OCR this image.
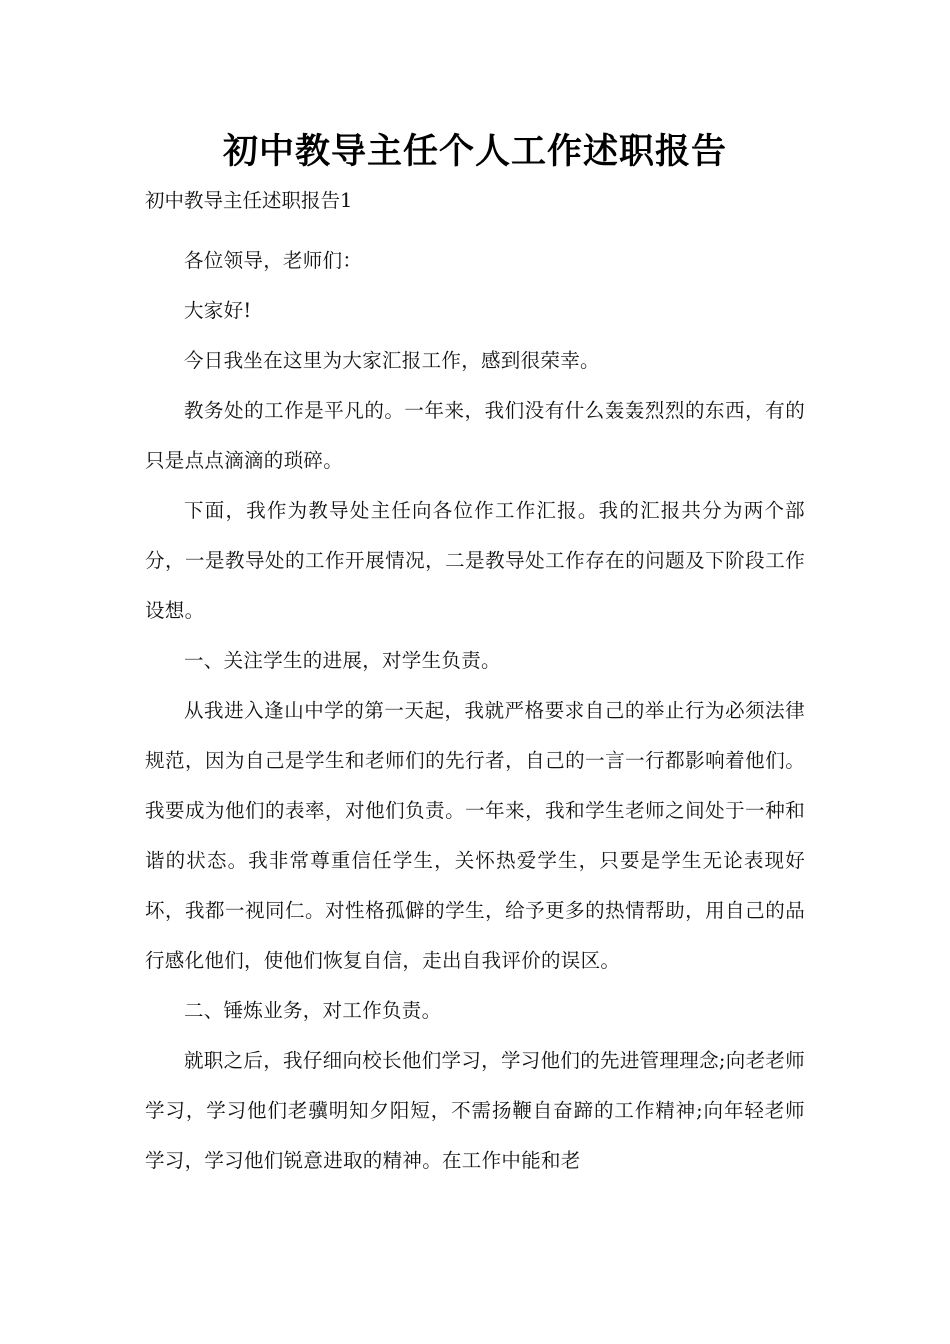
初中教导主任个人工作述职报告
初中教导主任述职报告1

各位领导，老师们：

大家好!

今日我坐在这里为大家汇报工作，感到很荣幸。

教务处的工作是平凡的。一年来，我们没有什么轰轰烈烈的东西，有的只是点点滴滴的琐碎。

下面，我作为教导处主任向各位作工作汇报。我的汇报共分为两个部分，一是教导处的工作开展情况，二是教导处工作存在的问题及下阶段工作设想。

一、关注学生的进展，对学生负责。

从我进入逢山中学的第一天起，我就严格要求自己的举止行为必须法律规范，因为自己是学生和老师们的先行者，自己的一言一行都影响着他们。我要成为他们的表率，对他们负责。一年来，我和学生老师之间处于一种和谐的状态。我非常尊重信任学生，关怀热爱学生，只要是学生无论表现好坏，我都一视同仁。对性格孤僻的学生，给予更多的热情帮助，用自己的品行感化他们，使他们恢复自信，走出自我评价的误区。

二、锤炼业务，对工作负责。

就职之后，我仔细向校长他们学习，学习他们的先进管理理念;向老老师学习，学习他们老骥明知夕阳短，不需扬鞭自奋蹄的工作精神;向年轻老师学习，学习他们锐意进取的精神。在工作中能和老
